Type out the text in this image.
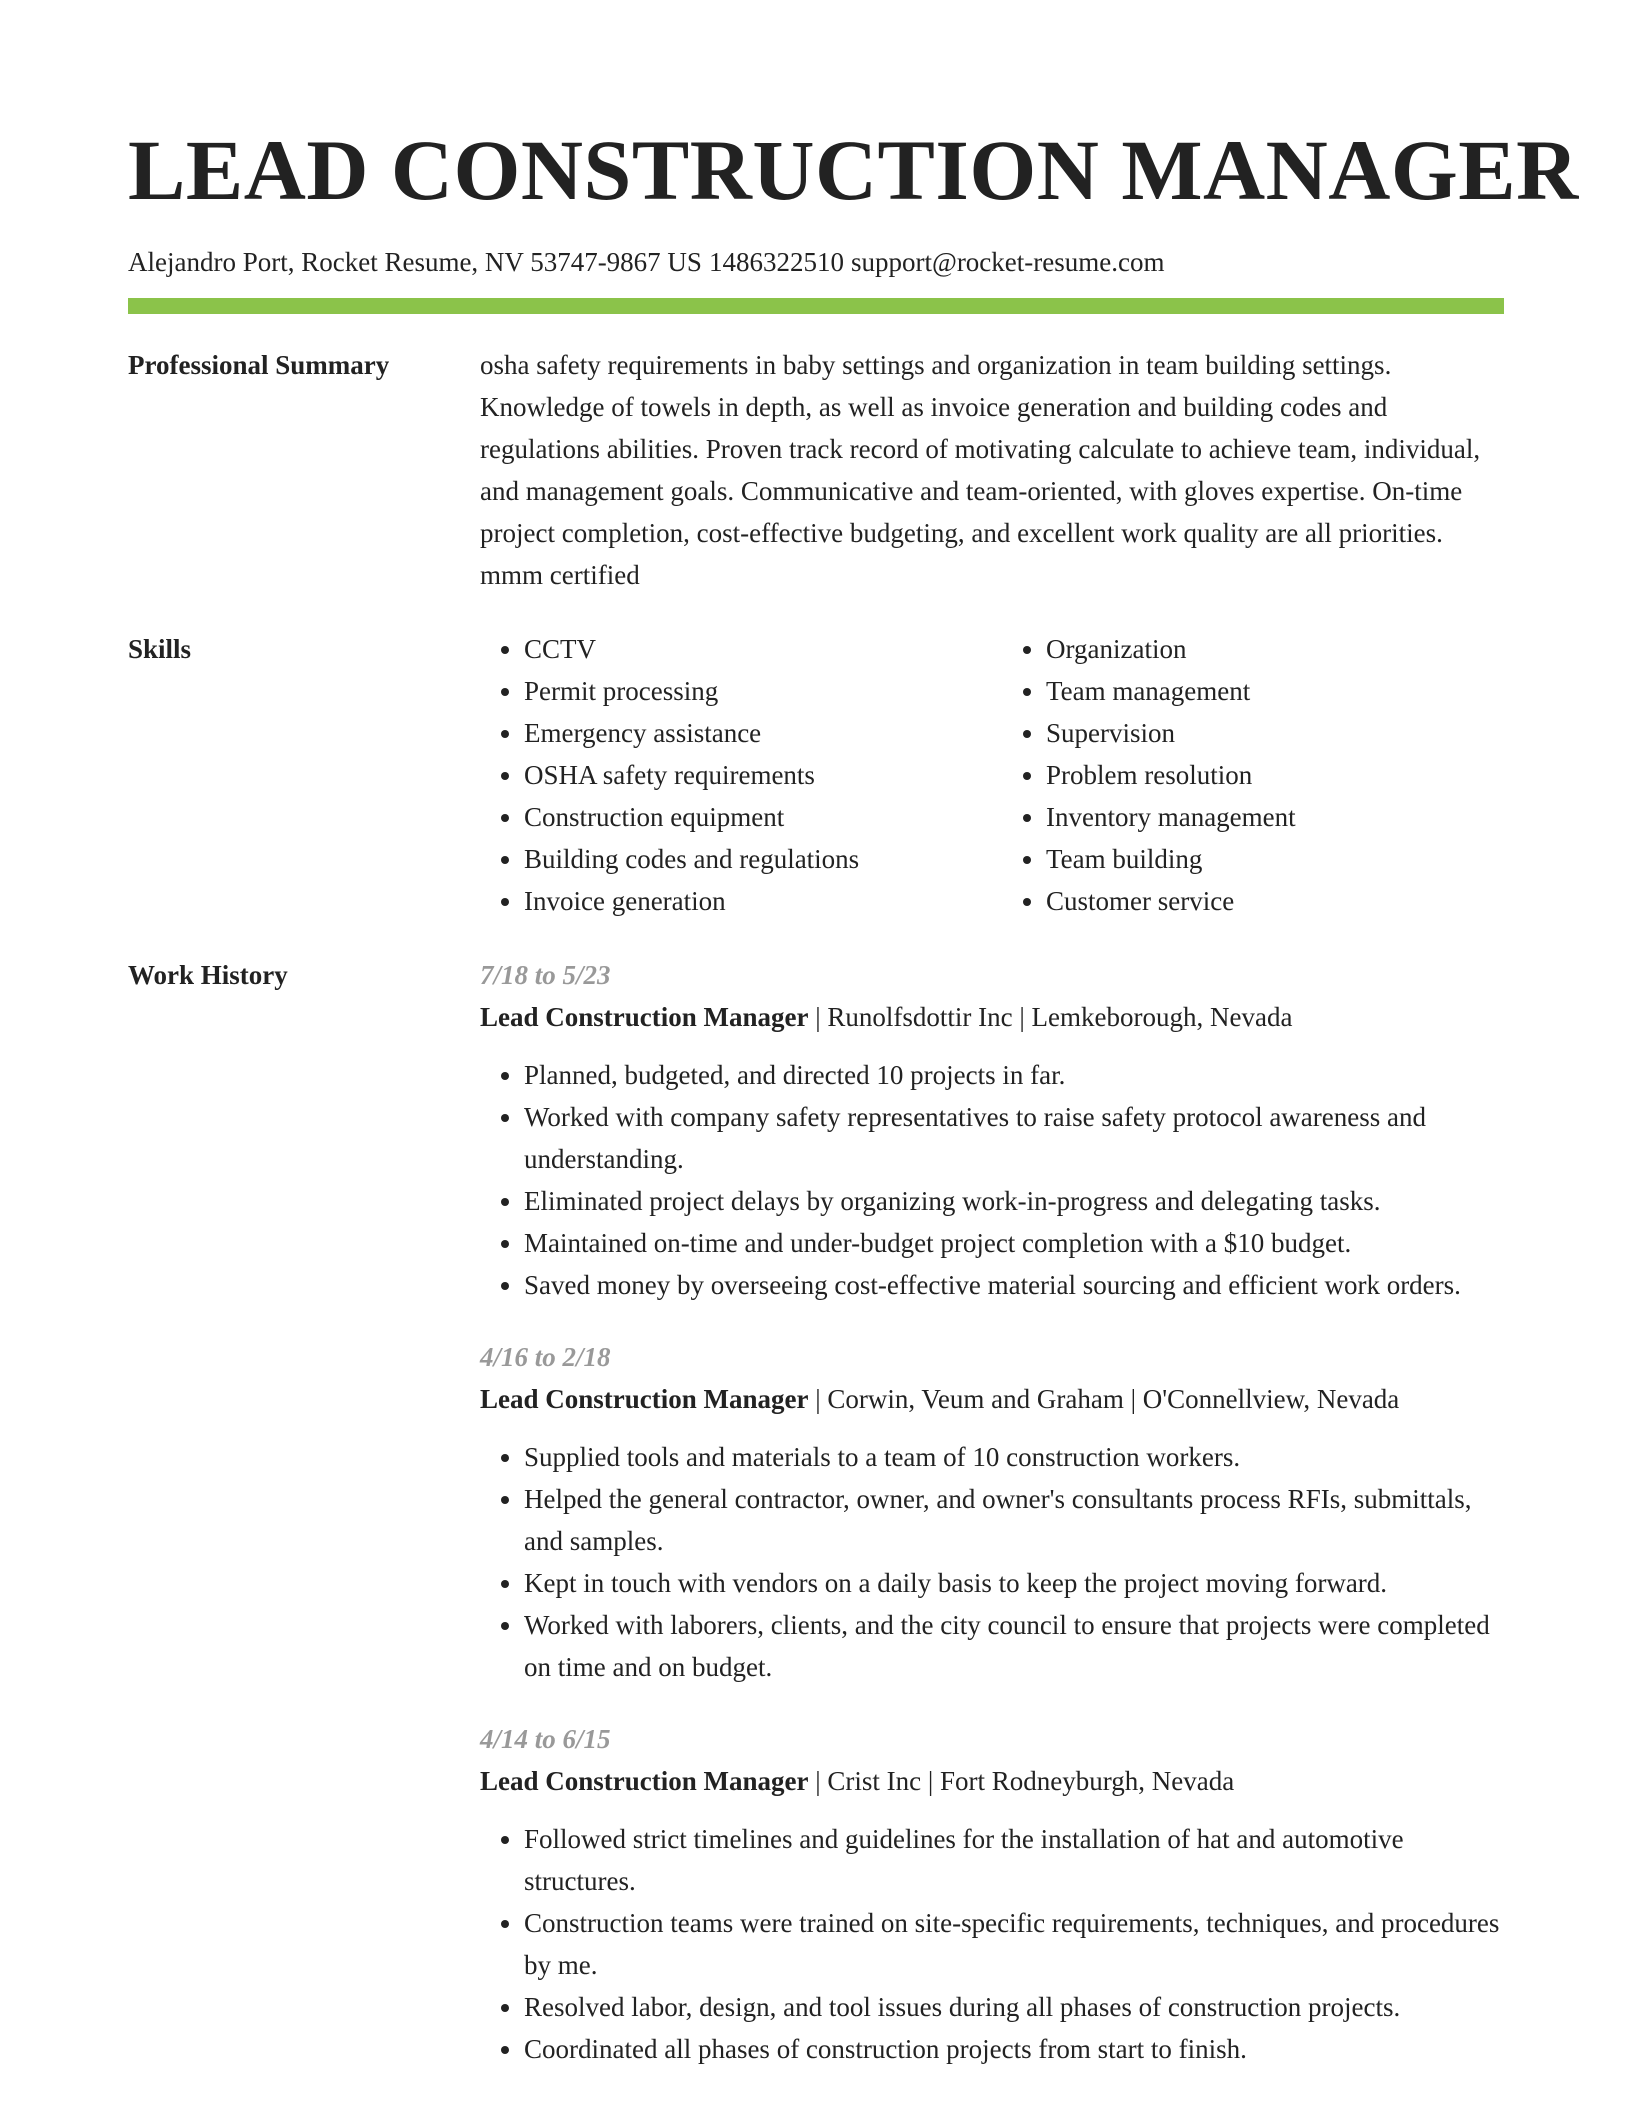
LEAD CONSTRUCTION MANAGER
Alejandro Port, Rocket Resume, NV 53747-9867 US 1486322510 support@rocket-resume.com
Professional Summary	osha safety requirements in baby settings and organization in team building settings. Knowledge of towels in depth, as well as invoice generation and building codes and regulations abilities. Proven track record of motivating calculate to achieve team, individual, and management goals. Communicative and team-oriented, with gloves expertise. On-time project completion, cost-effective budgeting, and excellent work quality are all priorities. mmm certified

Skills
•	CCTV
• Permit processing
• Emergency assistance
• OSHA safety requirements
• Construction equipment
• Building codes and regulations
• Invoice generation
• Organization
• Team management
• Supervision
• Problem resolution
• Inventory management
• Team building
• Customer service
Work History	7/18 to 5/23
Lead Construction Manager | Runolfsdottir Inc | Lemkeborough, Nevada
• Planned, budgeted, and directed 10 projects in far.
• Worked with company safety representatives to raise safety protocol awareness and understanding.
• Eliminated project delays by organizing work-in-progress and delegating tasks.
• Maintained on-time and under-budget project completion with a $10 budget.
• Saved money by overseeing cost-effective material sourcing and efficient work orders.
4/16 to 2/18
Lead Construction Manager | Corwin, Veum and Graham | O'Connellview, Nevada
• Supplied tools and materials to a team of 10 construction workers.
• Helped the general contractor, owner, and owner's consultants process RFIs, submittals, and samples.
• Kept in touch with vendors on a daily basis to keep the project moving forward.
• Worked with laborers, clients, and the city council to ensure that projects were completed on time and on budget.
4/14 to 6/15
Lead Construction Manager | Crist Inc | Fort Rodneyburgh, Nevada
• Followed strict timelines and guidelines for the installation of hat and automotive structures.
• Construction teams were trained on site-specific requirements, techniques, and procedures by me.
• Resolved labor, design, and tool issues during all phases of construction projects.
• Coordinated all phases of construction projects from start to finish.
